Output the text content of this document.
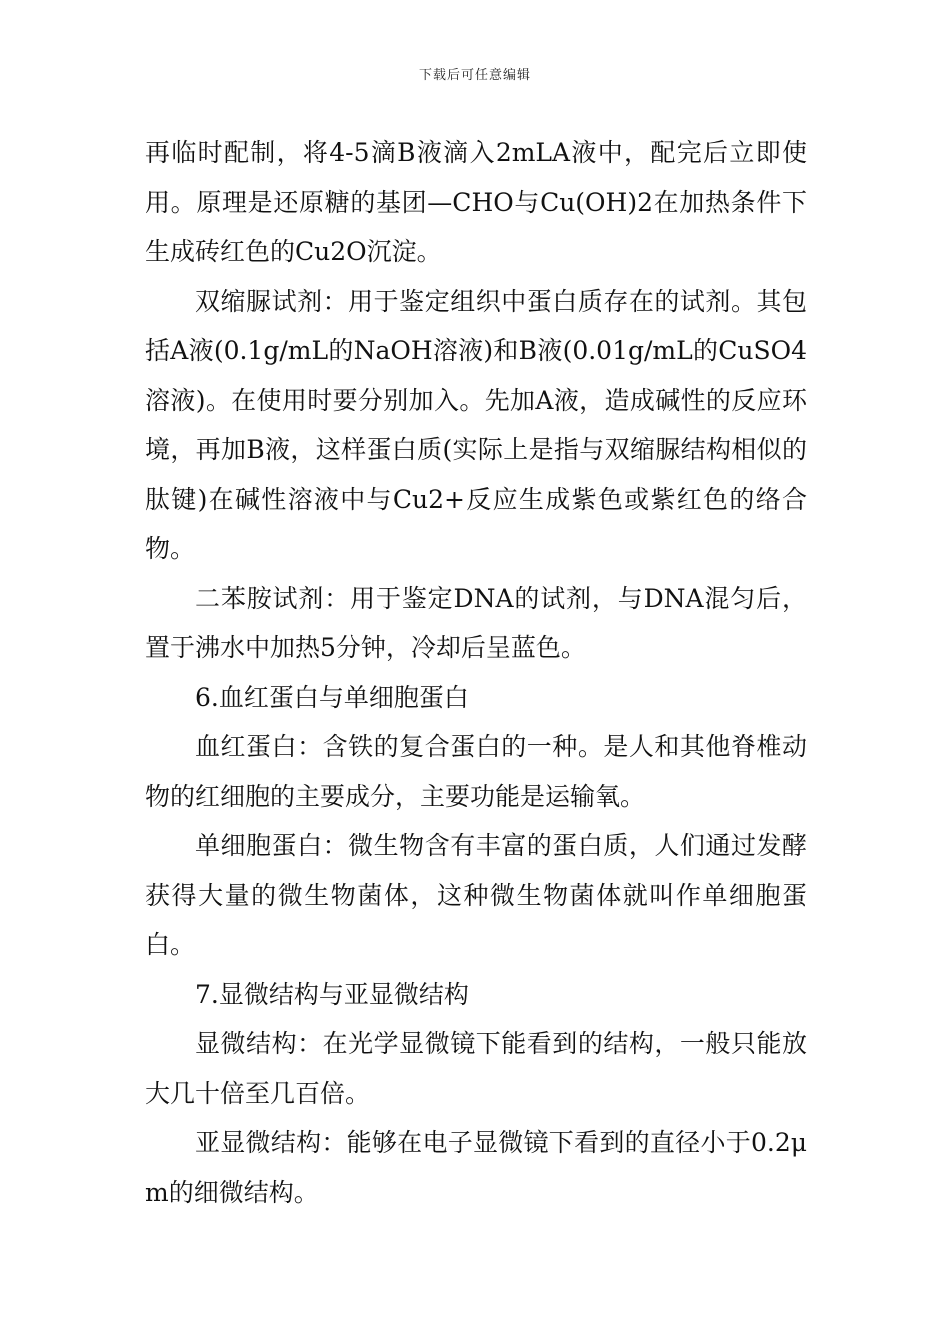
下载后可任意编辑

再临时配制，将4-5滴B液滴入2mLA液中，配完后立即使用。原理是还原糖的基团—CHO与Cu(OH)2在加热条件下生成砖红色的Cu2O沉淀。

双缩脲试剂：用于鉴定组织中蛋白质存在的试剂。其包括A液(0.1g/mL的NaOH溶液)和B液(0.01g/mL的CuSO4溶液)。在使用时要分别加入。先加A液，造成碱性的反应环境，再加B液，这样蛋白质(实际上是指与双缩脲结构相似的肽键)在碱性溶液中与Cu2+反应生成紫色或紫红色的络合物。

二苯胺试剂：用于鉴定DNA的试剂，与DNA混匀后，置于沸水中加热5分钟，冷却后呈蓝色。

6.血红蛋白与单细胞蛋白

血红蛋白：含铁的复合蛋白的一种。是人和其他脊椎动物的红细胞的主要成分，主要功能是运输氧。

单细胞蛋白：微生物含有丰富的蛋白质，人们通过发酵获得大量的微生物菌体，这种微生物菌体就叫作单细胞蛋白。

7.显微结构与亚显微结构

显微结构：在光学显微镜下能看到的结构，一般只能放大几十倍至几百倍。

亚显微结构：能够在电子显微镜下看到的直径小于0.2μm的细微结构。
